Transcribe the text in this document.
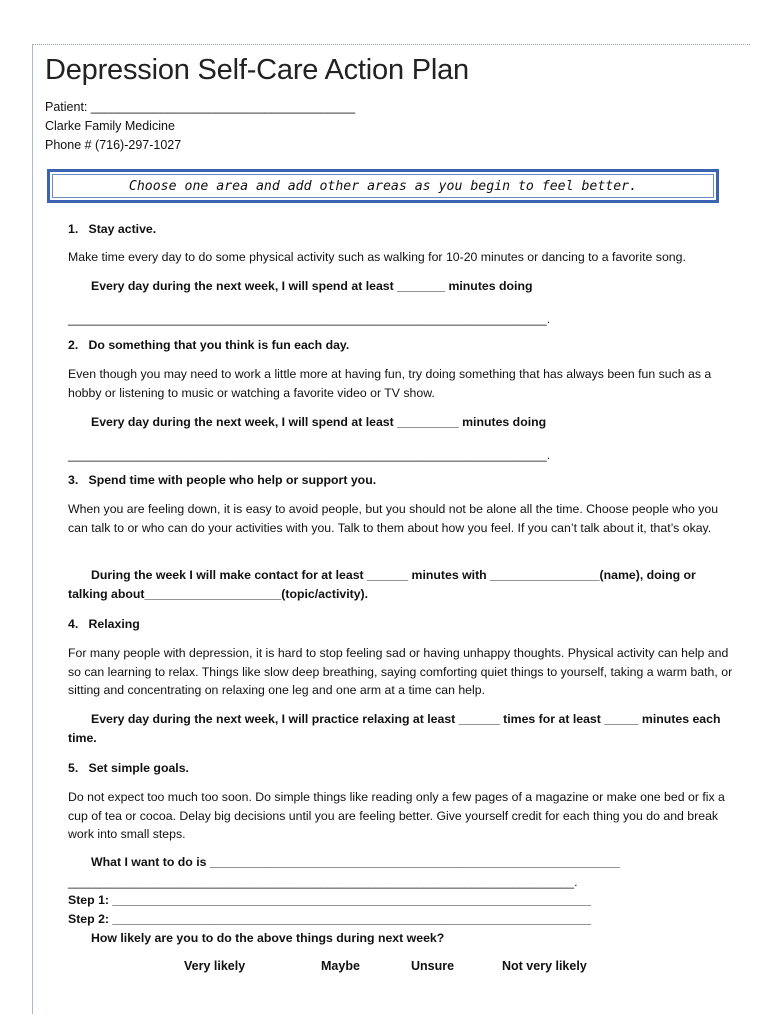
Depression Self-Care Action Plan
Patient: ______________________________________
Clarke Family Medicine
Phone # (716)-297-1027
Choose one area and add other areas as you begin to feel better.
1.   Stay active.
Make time every day to do some physical activity such as walking for 10-20 minutes or dancing to a favorite song.
Every day during the next week, I will spend at least _______ minutes doing
______________________________________________________________________.
2.   Do something that you think is fun each day.
Even though you may need to work a little more at having fun, try doing something that has always been fun such as a hobby or listening to music or watching a favorite video or TV show.
Every day during the next week, I will spend at least _________ minutes doing
______________________________________________________________________.
3.   Spend time with people who help or support you.
When you are feeling down, it is easy to avoid people, but you should not be alone all the time. Choose people who you can talk to or who can do your activities with you. Talk to them about how you feel. If you can’t talk about it, that’s okay.
During the week I will make contact for at least ______ minutes with ________________(name), doing or talking about____________________(topic/activity).
4.   Relaxing
For many people with depression, it is hard to stop feeling sad or having unhappy thoughts. Physical activity can help and so can learning to relax. Things like slow deep breathing, saying comforting quiet things to yourself, taking a warm bath, or sitting and concentrating on relaxing one leg and one arm at a time can help.
Every day during the next week, I will practice relaxing at least ______ times for at least _____ minutes each time.
5.   Set simple goals.
Do not expect too much too soon. Do simple things like reading only a few pages of a magazine or make one bed or fix a cup of tea or cocoa. Delay big decisions until you are feeling better. Give yourself credit for each thing you do and break work into small steps.
What I want to do is ____________________________________________________________
__________________________________________________________________________.
Step 1: ______________________________________________________________________
Step 2: ______________________________________________________________________
How likely are you to do the above things during next week?
Very likely	Maybe	Unsure	Not very likely
